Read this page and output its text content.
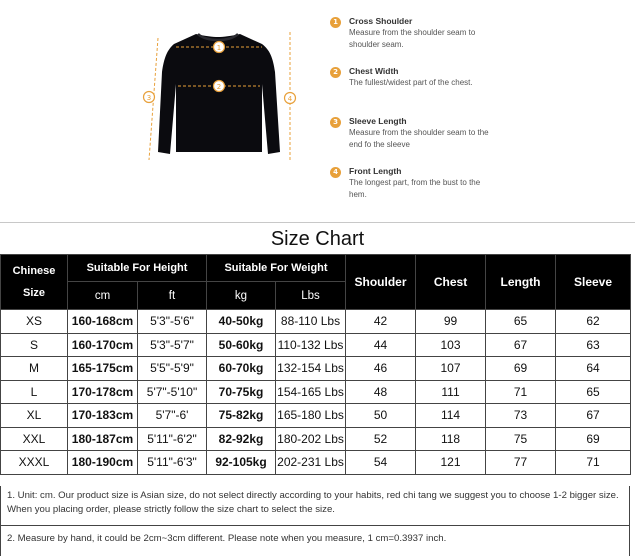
1
2
3	4
1	Cross Shoulder
Measure from the shoulder seam to shoulder seam.
2	Chest Width
The fullest/widest part of the chest.
3	Sleeve Length
Measure from the shoulder seam to the end fo the sleeve
4	Front Length
The longest part, from the bust to the hem.
Size Chart
Chinese Size	Suitable For Height		Suitable For Weight		Shoulder	Chest	Length	Sleeve
	cm	ft	kg	Lbs				
XS	160-168cm	5'3"-5'6"	40-50kg	88-110 Lbs	42	99	65	62
S	160-170cm	5'3"-5'7"	50-60kg	110-132 Lbs	44	103	67	63
M	165-175cm	5'5"-5'9"	60-70kg	132-154 Lbs	46	107	69	64
L	170-178cm	5'7"-5'10"	70-75kg	154-165 Lbs	48	111	71	65
XL	170-183cm	5'7"-6'	75-82kg	165-180 Lbs	50	114	73	67
XXL	180-187cm	5'11"-6'2"	82-92kg	180-202 Lbs	52	118	75	69
XXXL	180-190cm	5'11"-6'3"	92-105kg	202-231 Lbs	54	121	77	71
1. Unit: cm. Our product size is Asian size, do not select directly according to your habits, red chi tang we suggest you to choose 1-2 bigger size. When you placing order, please strictly follow the size chart to select the size.
2. Measure by hand, it could be 2cm~3cm different. Please note when you measure, 1 cm=0.3937 inch.
